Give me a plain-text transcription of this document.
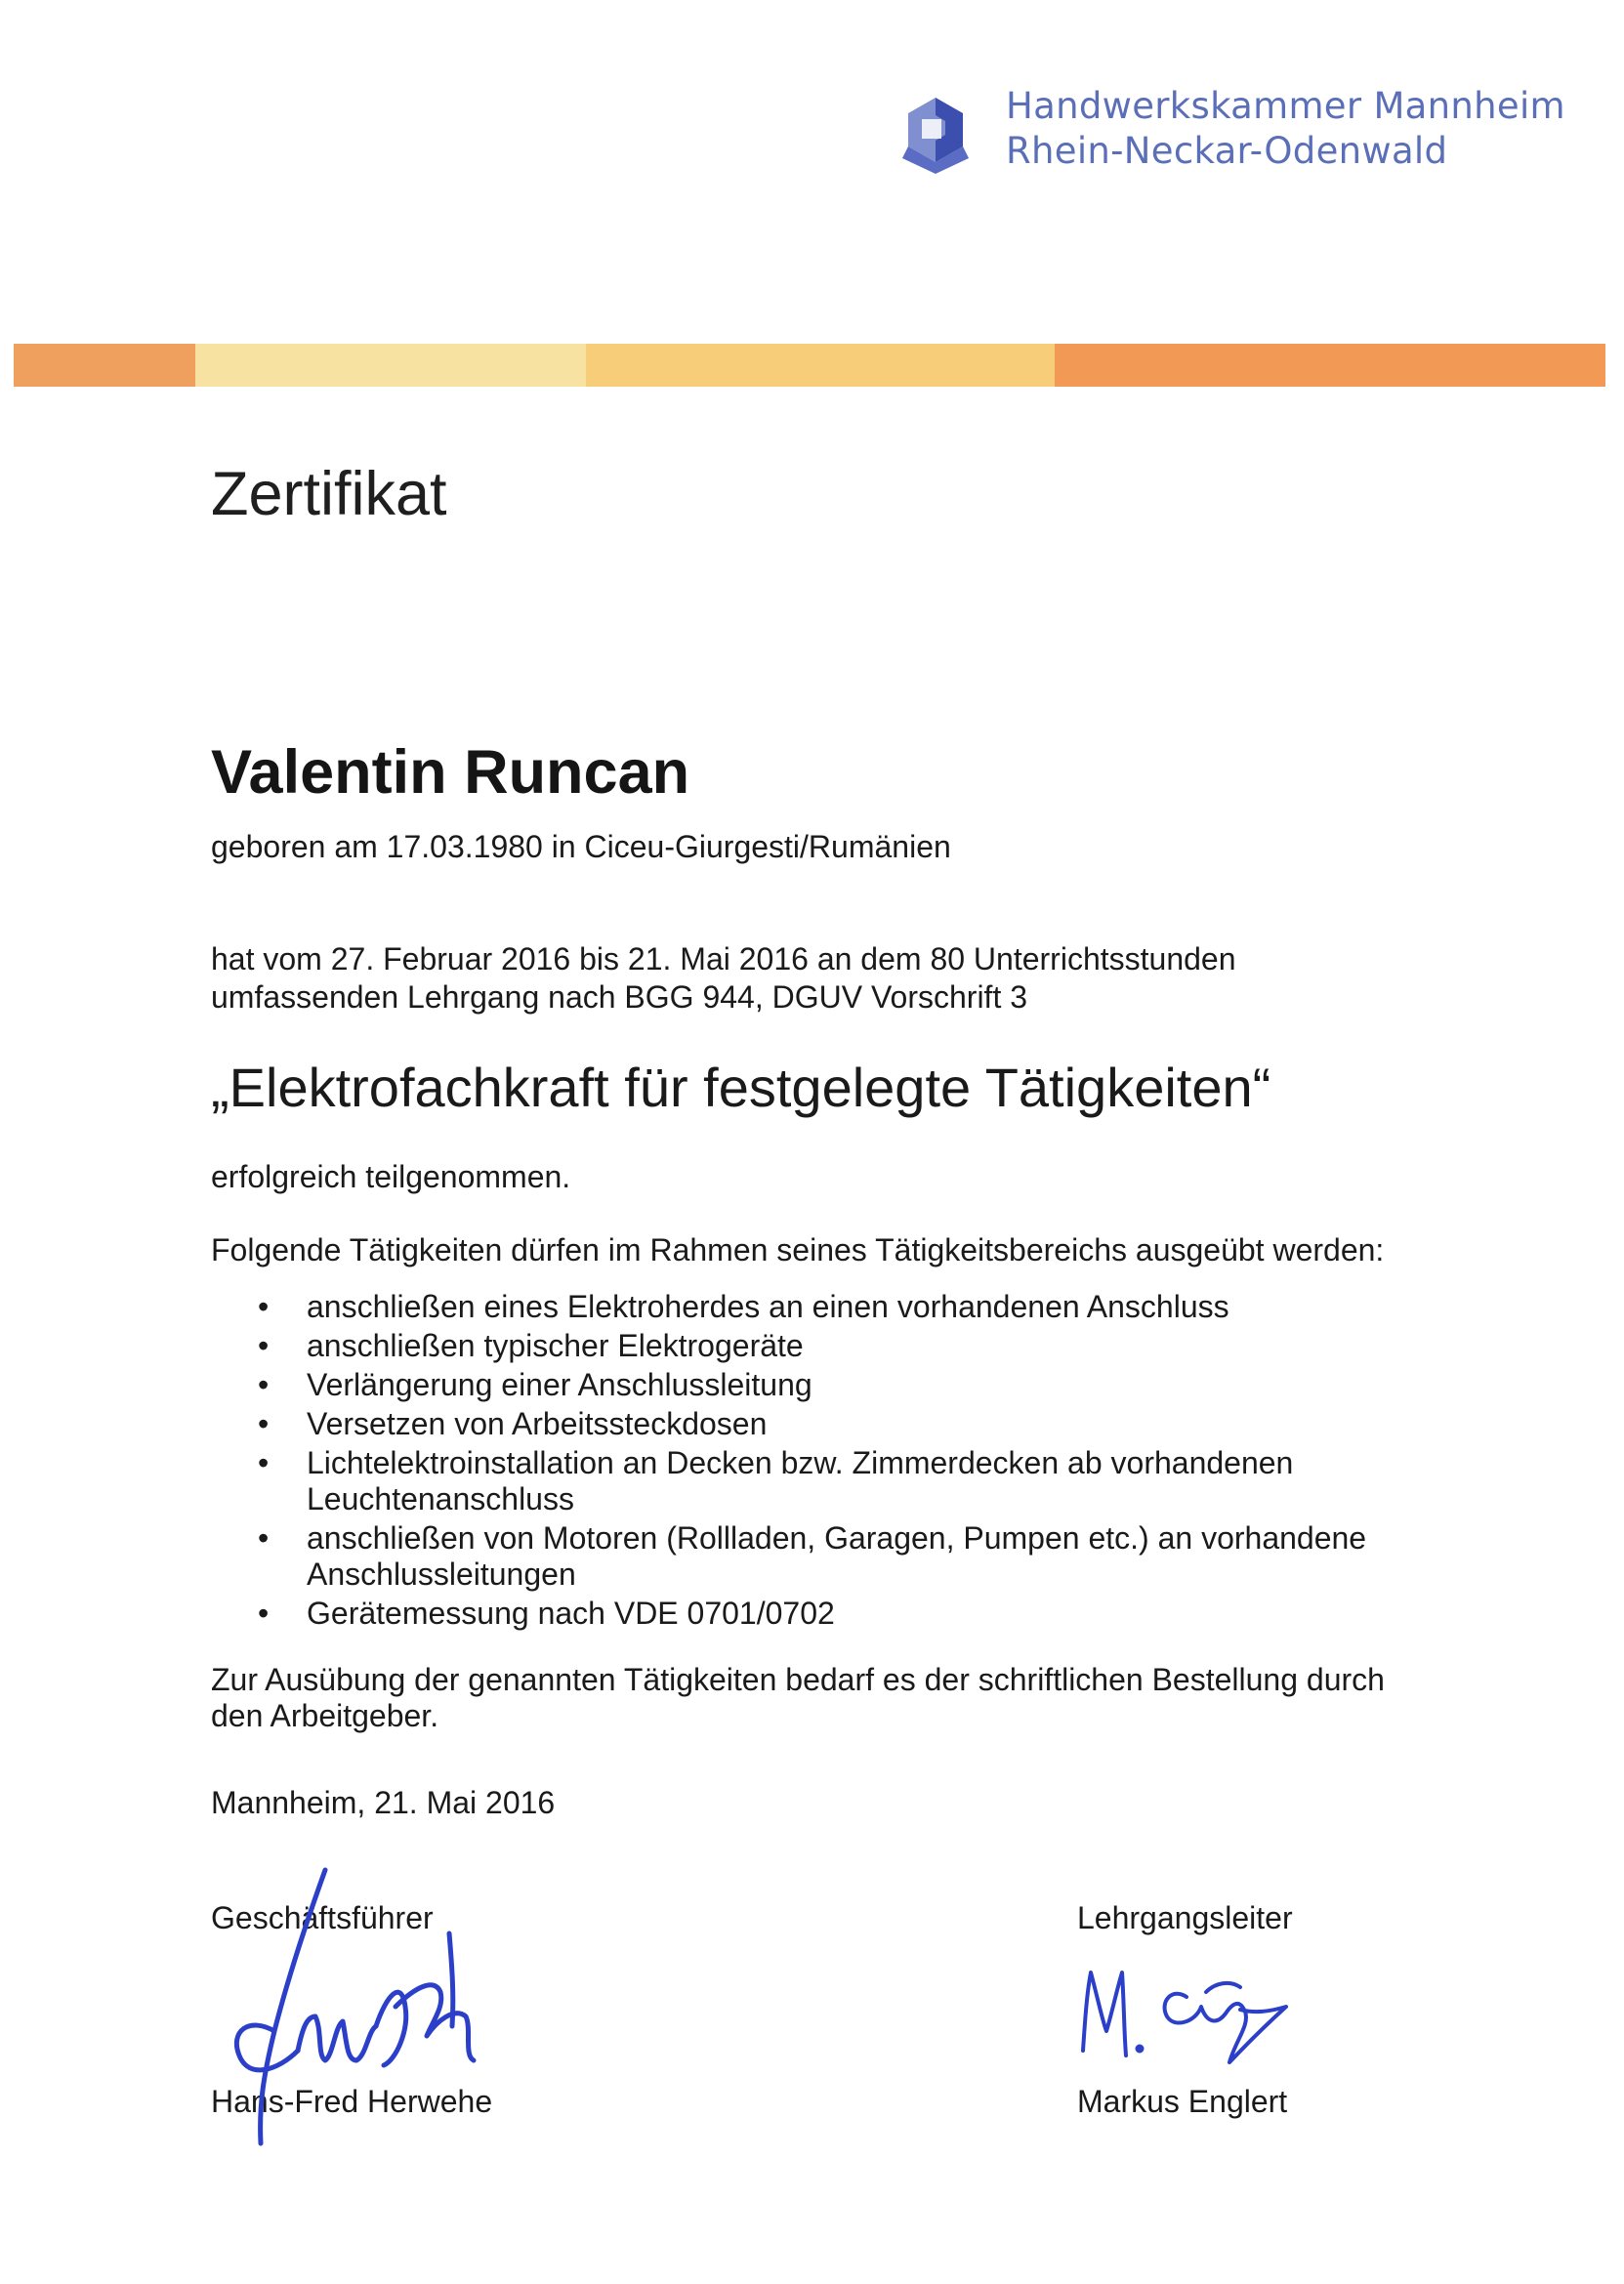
Handwerkskammer Mannheim
Rhein-Neckar-Odenwald
Zertifikat
Valentin Runcan
geboren am 17.03.1980 in Ciceu-Giurgesti/Rumänien
hat vom 27. Februar 2016 bis 21. Mai 2016 an dem 80 Unterrichtsstunden
umfassenden Lehrgang nach BGG 944, DGUV Vorschrift 3
„Elektrofachkraft für festgelegte Tätigkeiten“
erfolgreich teilgenommen.
Folgende Tätigkeiten dürfen im Rahmen seines Tätigkeitsbereichs ausgeübt werden:
• anschließen eines Elektroherdes an einen vorhandenen Anschluss
• anschließen typischer Elektrogeräte
• Verlängerung einer Anschlussleitung
• Versetzen von Arbeitssteckdosen
• Lichtelektroinstallation an Decken bzw. Zimmerdecken ab vorhandenen Leuchtenanschluss
• anschließen von Motoren (Rollladen, Garagen, Pumpen etc.) an vorhandene Anschlussleitungen
• Gerätemessung nach VDE 0701/0702
Zur Ausübung der genannten Tätigkeiten bedarf es der schriftlichen Bestellung durch
den Arbeitgeber.
Mannheim, 21. Mai 2016
Geschäftsführer
Hans-Fred Herwehe
Lehrgangsleiter
Markus Englert
